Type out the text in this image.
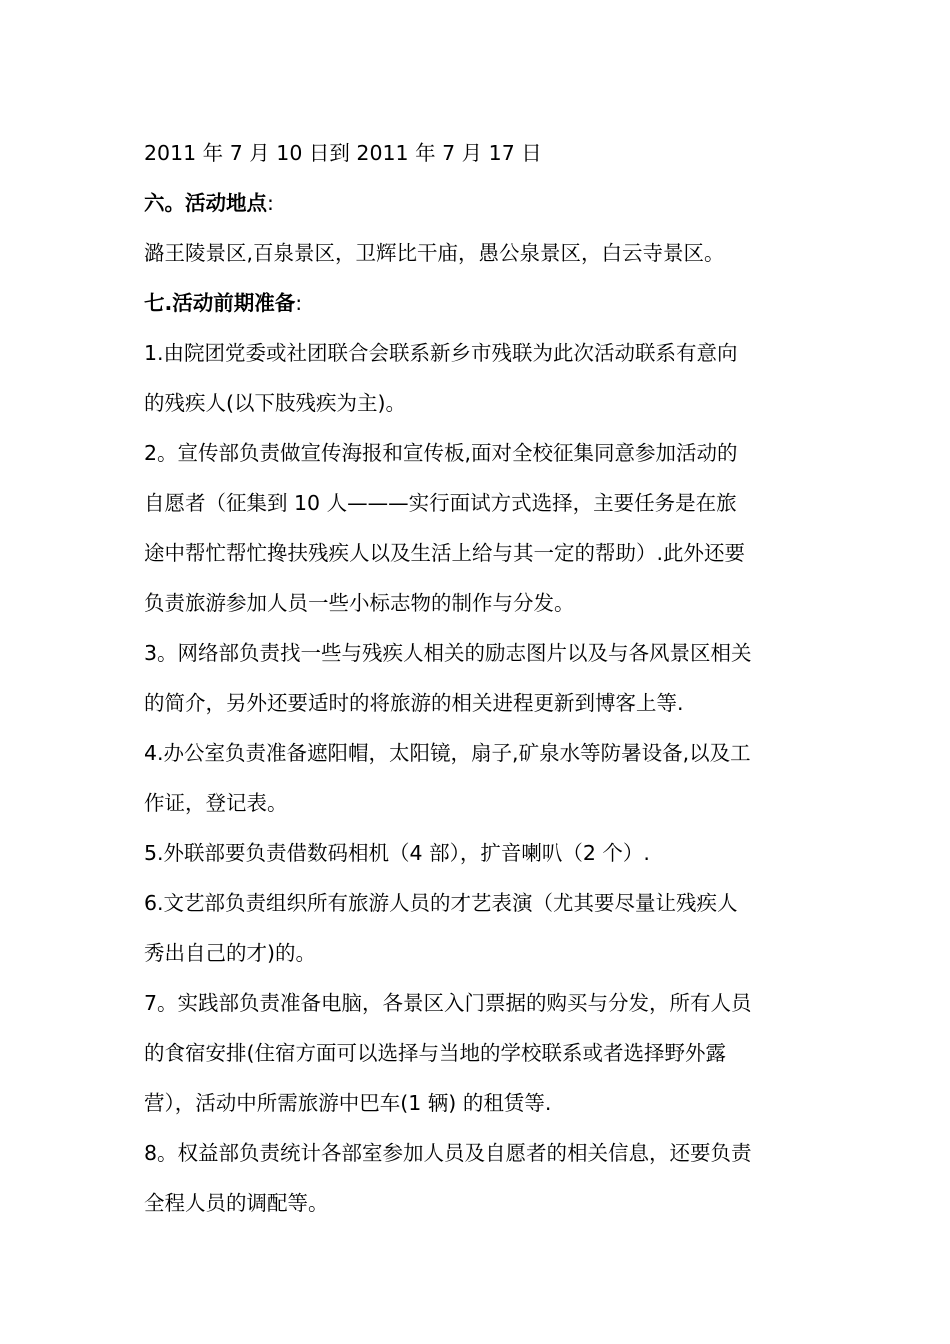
2011 年 7 月 10 日到 2011 年 7 月 17 日

六。活动地点:

潞王陵景区,百泉景区，卫辉比干庙，愚公泉景区，白云寺景区。

七.活动前期准备:

1.由院团党委或社团联合会联系新乡市残联为此次活动联系有意向

的残疾人(以下肢残疾为主)。

2。宣传部负责做宣传海报和宣传板,面对全校征集同意参加活动的

自愿者（征集到 10 人———实行面试方式选择，主要任务是在旅

途中帮忙帮忙搀扶残疾人以及生活上给与其一定的帮助）.此外还要

负责旅游参加人员一些小标志物的制作与分发。

3。网络部负责找一些与残疾人相关的励志图片以及与各风景区相关

的简介，另外还要适时的将旅游的相关进程更新到博客上等.

4.办公室负责准备遮阳帽，太阳镜，扇子,矿泉水等防暑设备,以及工

作证，登记表。

5.外联部要负责借数码相机（4 部），扩音喇叭（2 个）.

6.文艺部负责组织所有旅游人员的才艺表演（尤其要尽量让残疾人

秀出自己的才)的。

7。实践部负责准备电脑，各景区入门票据的购买与分发，所有人员

的食宿安排(住宿方面可以选择与当地的学校联系或者选择野外露

营），活动中所需旅游中巴车(1 辆) 的租赁等.

8。权益部负责统计各部室参加人员及自愿者的相关信息，还要负责

全程人员的调配等。
